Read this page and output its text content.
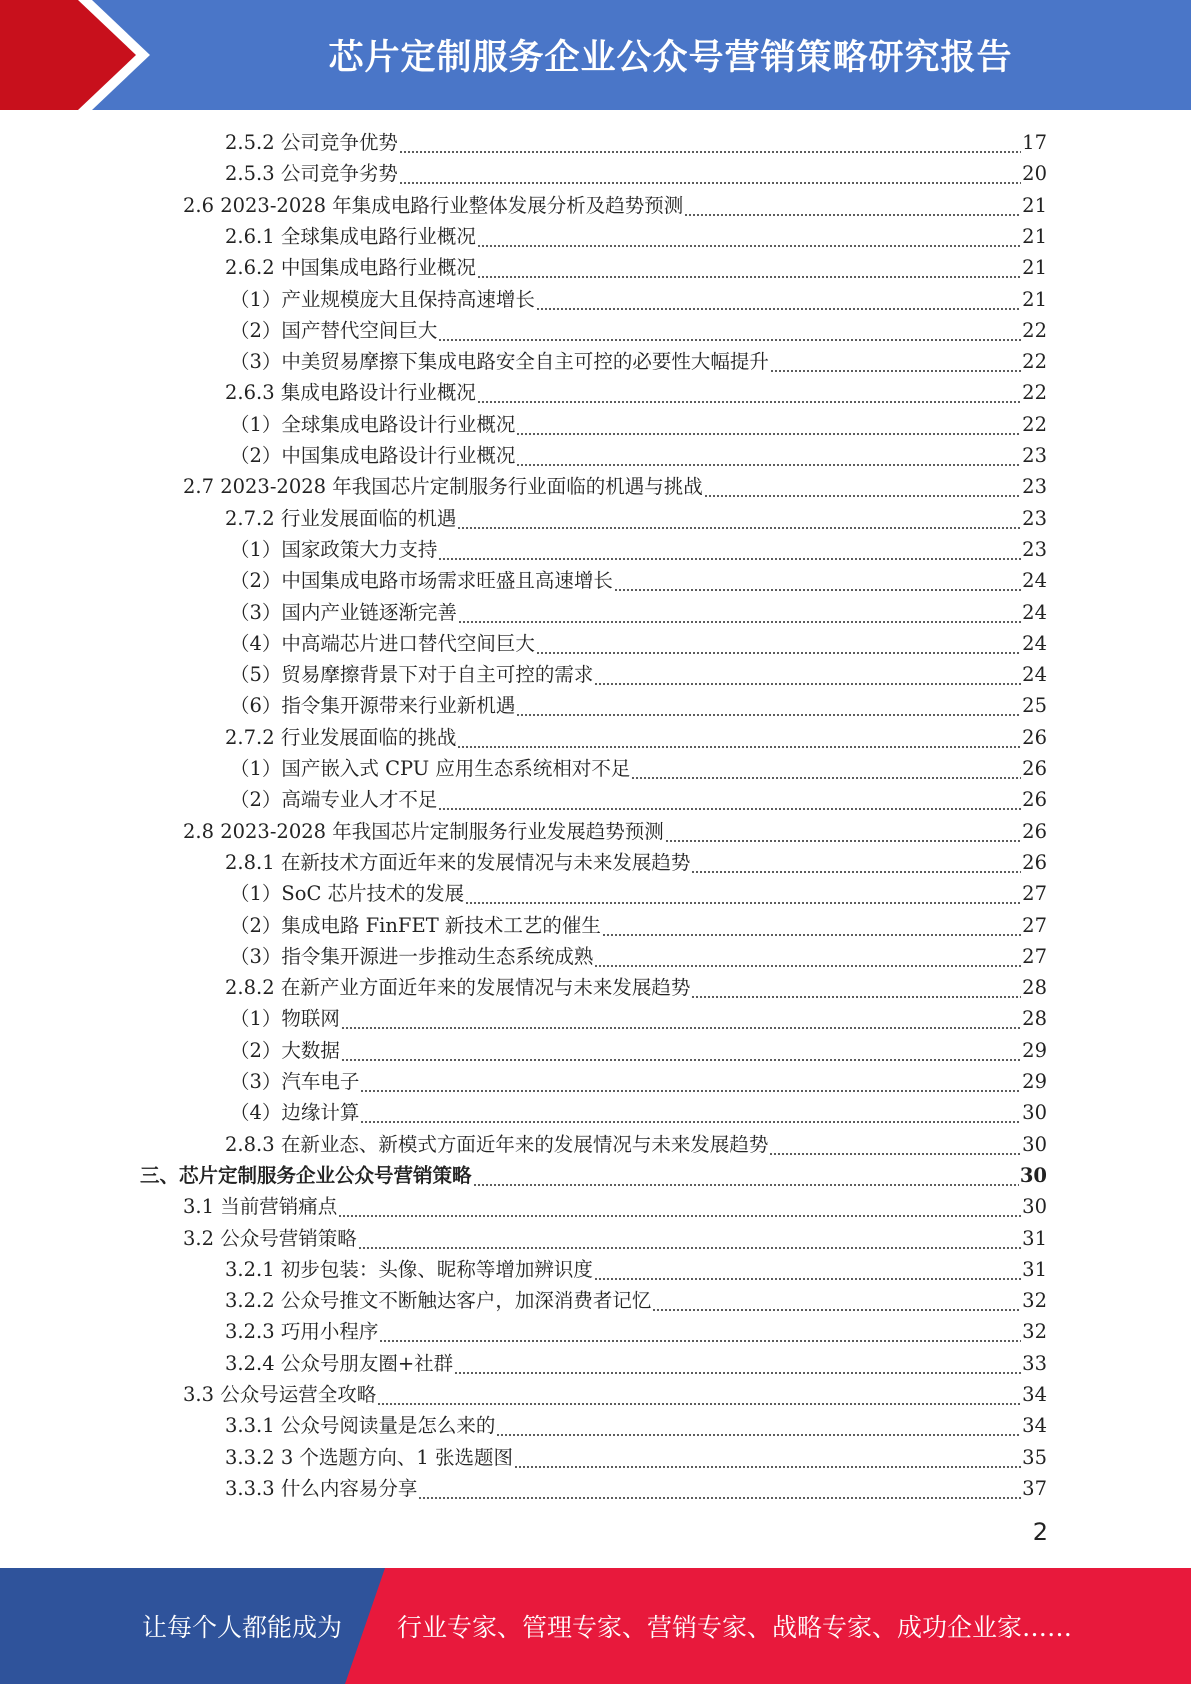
芯片定制服务企业公众号营销策略研究报告
2.5.2 公司竞争优势	17
2.5.3 公司竞争劣势	20
2.6 2023-2028 年集成电路行业整体发展分析及趋势预测	21
2.6.1 全球集成电路行业概况	21
2.6.2 中国集成电路行业概况	21
（1）产业规模庞大且保持高速增长	21
（2）国产替代空间巨大	22
（3）中美贸易摩擦下集成电路安全自主可控的必要性大幅提升	22
2.6.3 集成电路设计行业概况	22
（1）全球集成电路设计行业概况	22
（2）中国集成电路设计行业概况	23
2.7 2023-2028 年我国芯片定制服务行业面临的机遇与挑战	23
2.7.2 行业发展面临的机遇	23
（1）国家政策大力支持	23
（2）中国集成电路市场需求旺盛且高速增长	24
（3）国内产业链逐渐完善	24
（4）中高端芯片进口替代空间巨大	24
（5）贸易摩擦背景下对于自主可控的需求	24
（6）指令集开源带来行业新机遇	25
2.7.2 行业发展面临的挑战	26
（1）国产嵌入式 CPU 应用生态系统相对不足	26
（2）高端专业人才不足	26
2.8 2023-2028 年我国芯片定制服务行业发展趋势预测	26
2.8.1 在新技术方面近年来的发展情况与未来发展趋势	26
（1）SoC 芯片技术的发展	27
（2）集成电路 FinFET 新技术工艺的催生	27
（3）指令集开源进一步推动生态系统成熟	27
2.8.2 在新产业方面近年来的发展情况与未来发展趋势	28
（1）物联网	28
（2）大数据	29
（3）汽车电子	29
（4）边缘计算	30
2.8.3 在新业态、新模式方面近年来的发展情况与未来发展趋势	30
三、芯片定制服务企业公众号营销策略	30
3.1 当前营销痛点	30
3.2 公众号营销策略	31
3.2.1 初步包装：头像、昵称等增加辨识度	31
3.2.2 公众号推文不断触达客户，加深消费者记忆	32
3.2.3 巧用小程序	32
3.2.4 公众号朋友圈+社群	33
3.3 公众号运营全攻略	34
3.3.1 公众号阅读量是怎么来的	34
3.3.2 3 个选题方向、1 张选题图	35
3.3.3 什么内容易分享	37
2
让每个人都能成为 行业专家、管理专家、营销专家、战略专家、成功企业家……
